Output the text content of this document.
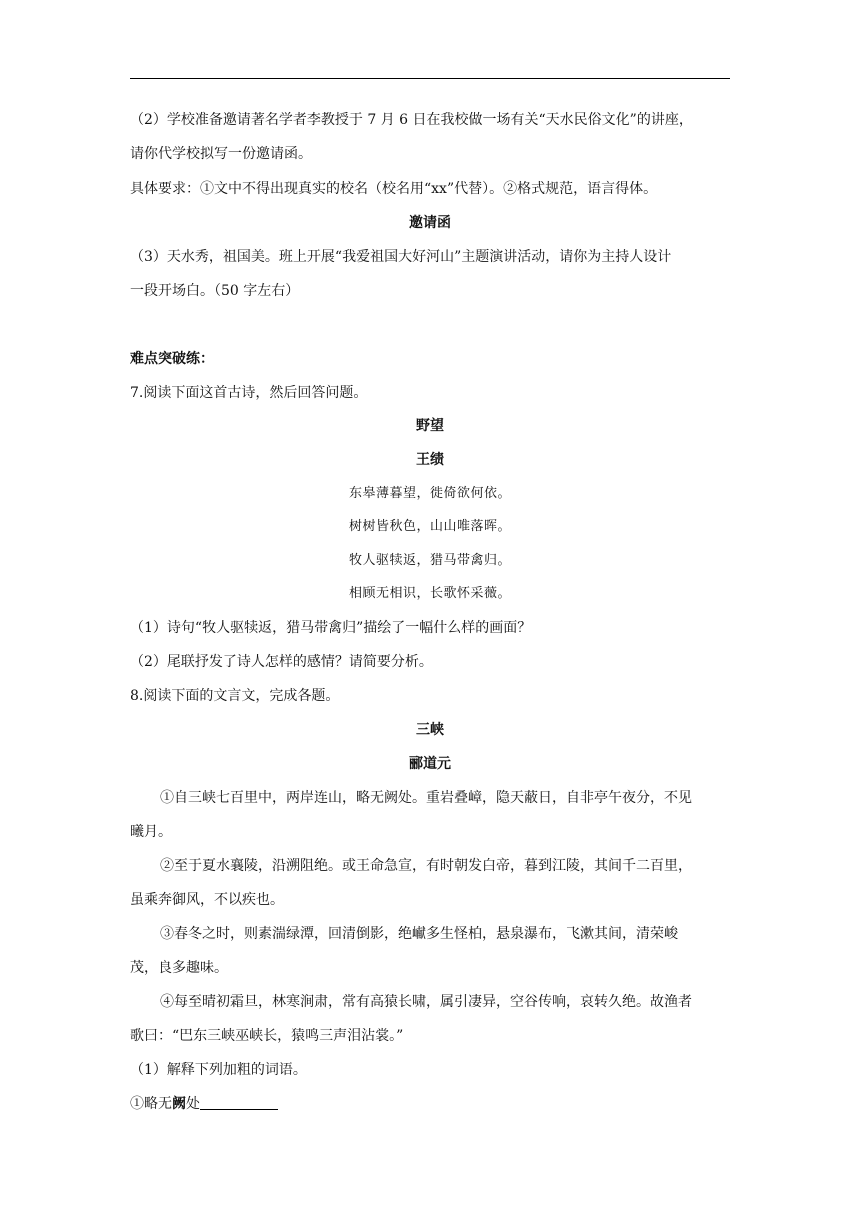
（2）学校准备邀请著名学者李教授于 7 月 6 日在我校做一场有关“天水民俗文化”的讲座，
请你代学校拟写一份邀请函。
具体要求：①文中不得出现真实的校名（校名用“xx”代替）。②格式规范，语言得体。
邀请函
（3）天水秀，祖国美。班上开展“我爱祖国大好河山”主题演讲活动，请你为主持人设计
一段开场白。（50 字左右）
难点突破练：
7.阅读下面这首古诗，然后回答问题。
野望
王绩
东皋薄暮望，徙倚欲何依。
树树皆秋色，山山唯落晖。
牧人驱犊返，猎马带禽归。
相顾无相识，长歌怀采薇。
（1）诗句“牧人驱犊返，猎马带禽归”描绘了一幅什么样的画面？
（2）尾联抒发了诗人怎样的感情？请简要分析。
8.阅读下面的文言文，完成各题。
三峡
郦道元
①自三峡七百里中，两岸连山，略无阙处。重岩叠嶂，隐天蔽日，自非亭午夜分，不见
曦月。
②至于夏水襄陵，沿溯阻绝。或王命急宣，有时朝发白帝，暮到江陵，其间千二百里，
虽乘奔御风，不以疾也。
③春冬之时，则素湍绿潭，回清倒影，绝𪩘多生怪柏，悬泉瀑布，飞漱其间，清荣峻
茂，良多趣味。
④每至晴初霜旦，林寒涧肃，常有高猿长啸，属引凄异，空谷传响，哀转久绝。故渔者
歌曰：“巴东三峡巫峡长，猿鸣三声泪沾裳。”
（1）解释下列加粗的词语。
①略无阙处
